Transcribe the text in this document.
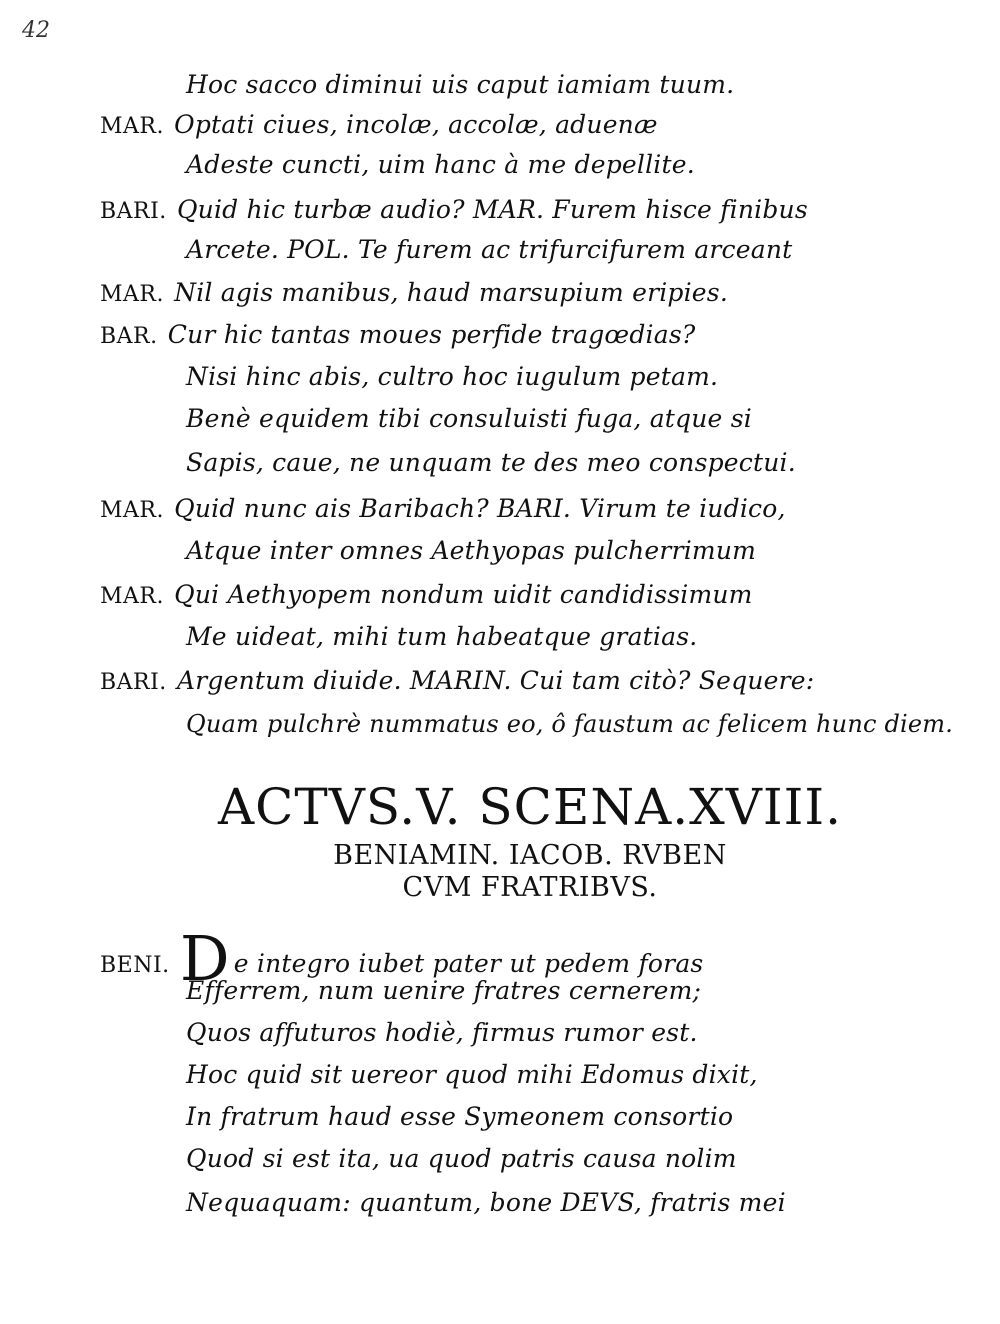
42
Hoc sacco diminui uis caput iamiam tuum.
MAR. Optati ciues, incolæ, accolæ, aduenæ
Adeste cuncti, uim hanc à me depellite.
BARI. Quid hic turbæ audio? MAR. Furem hisce finibus
Arcete. POL. Te furem ac trifurcifurem arceant
MAR. Nil agis manibus, haud marsupium eripies.
BAR. Cur hic tantas moues perfide tragœdias?
Nisi hinc abis, cultro hoc iugulum petam.
Benè equidem tibi consuluisti fuga, atque si
Sapis, caue, ne unquam te des meo conspectui.
MAR. Quid nunc ais Baribach? BARI. Virum te iudico,
Atque inter omnes Aethyopas pulcherrimum
MAR. Qui Aethyopem nondum uidit candidissimum
Me uideat, mihi tum habeatque gratias.
BARI. Argentum diuide. MARIN. Cui tam citò? Sequere:
Quam pulchrè nummatus eo, ô faustum ac felicem hunc diem.
ACTVS.V. SCENA.XVIII.
BENIAMIN. IACOB. RVBEN
CVM FRATRIBVS.
BENI. D e integro iubet pater ut pedem foras
Efferrem, num uenire fratres cernerem;
Quos affuturos hodiè, firmus rumor est.
Hoc quid sit uereor quod mihi Edomus dixit,
In fratrum haud esse Symeonem consortio
Quod si est ita, ua quod patris causa nolim
Nequaquam: quantum, bone DEVS, fratris mei
